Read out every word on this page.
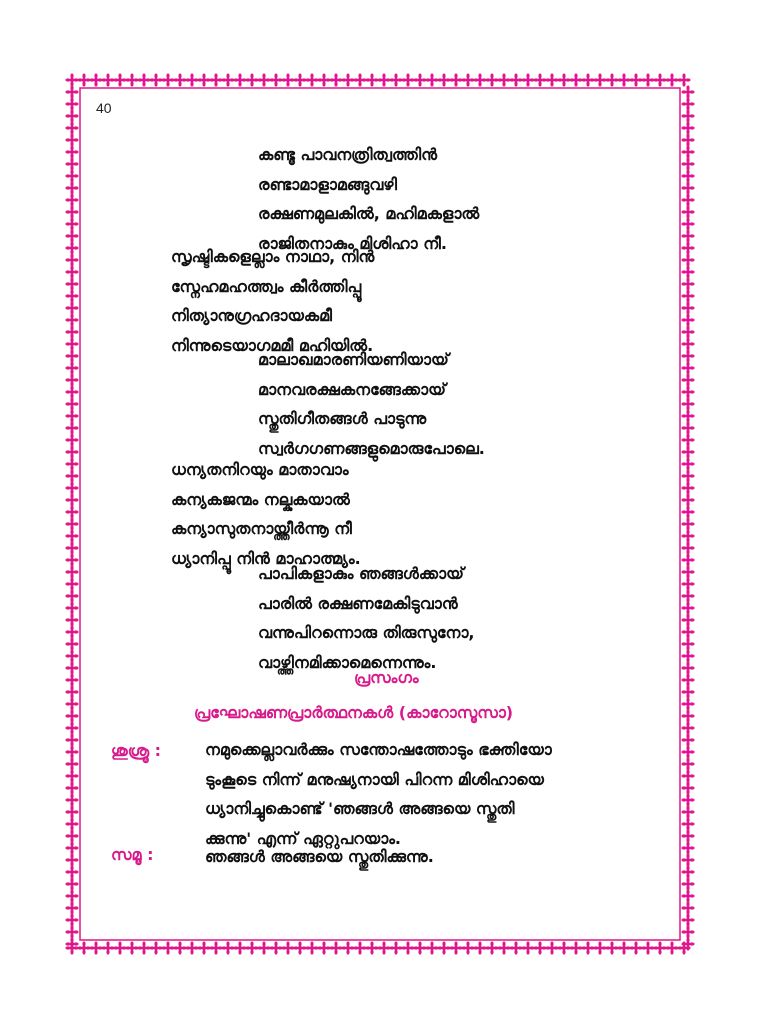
40
കണ്ടൂ പാവനത്രിത്വത്തിൻ
രണ്ടാമാളാമങ്ങുവഴി
രക്ഷണമുലകിൽ, മഹിമകളാൽ
രാജിതനാകും മിശിഹാ നീ.
സൃഷ്ടികളെല്ലാം നാഥാ, നിൻ
സ്നേഹമഹത്ത്വം കീർത്തിപ്പൂ
നിത്യാനുഗ്രഹദായകമീ
നിന്നുടെയാഗമമീ മഹിയിൽ.
മാലാഖമാരണിയണിയായ്
മാനവരക്ഷകനങ്ങേക്കായ്
സ്തുതിഗീതങ്ങൾ പാടുന്നു
സ്വർഗഗണങ്ങളുമൊരുപോലെ.
ധന്യതനിറയും മാതാവാം
കന്യകജന്മം നല്കുകയാൽ
കന്യാസുതനായ്ത്തീർന്നൂ നീ
ധ്യാനിപ്പൂ നിൻ മാഹാത്മ്യം.
പാപികളാകും ഞങ്ങൾക്കായ്
പാരിൽ രക്ഷണമേകിടുവാൻ
വന്നുപിറന്നൊരു തിരുസുനോ,
വാഴ്ത്തിനമിക്കാമെന്നെന്നും.
പ്രസംഗം
പ്രഘോഷണപ്രാർത്ഥനകൾ (കാറോസൂസാ)
ശുശ്രൂ :	നമുക്കെല്ലാവർക്കും സന്തോഷത്തോടും ഭക്തിയോ
ടുംകൂടെ നിന്ന് മനുഷ്യനായി പിറന്ന മിശിഹായെ
ധ്യാനിച്ചുകൊണ്ട് 'ഞങ്ങൾ അങ്ങയെ സ്തുതി
ക്കുന്നു' എന്ന് ഏറ്റുപറയാം.
സമൂ :	ഞങ്ങൾ അങ്ങയെ സ്തുതിക്കുന്നു.
